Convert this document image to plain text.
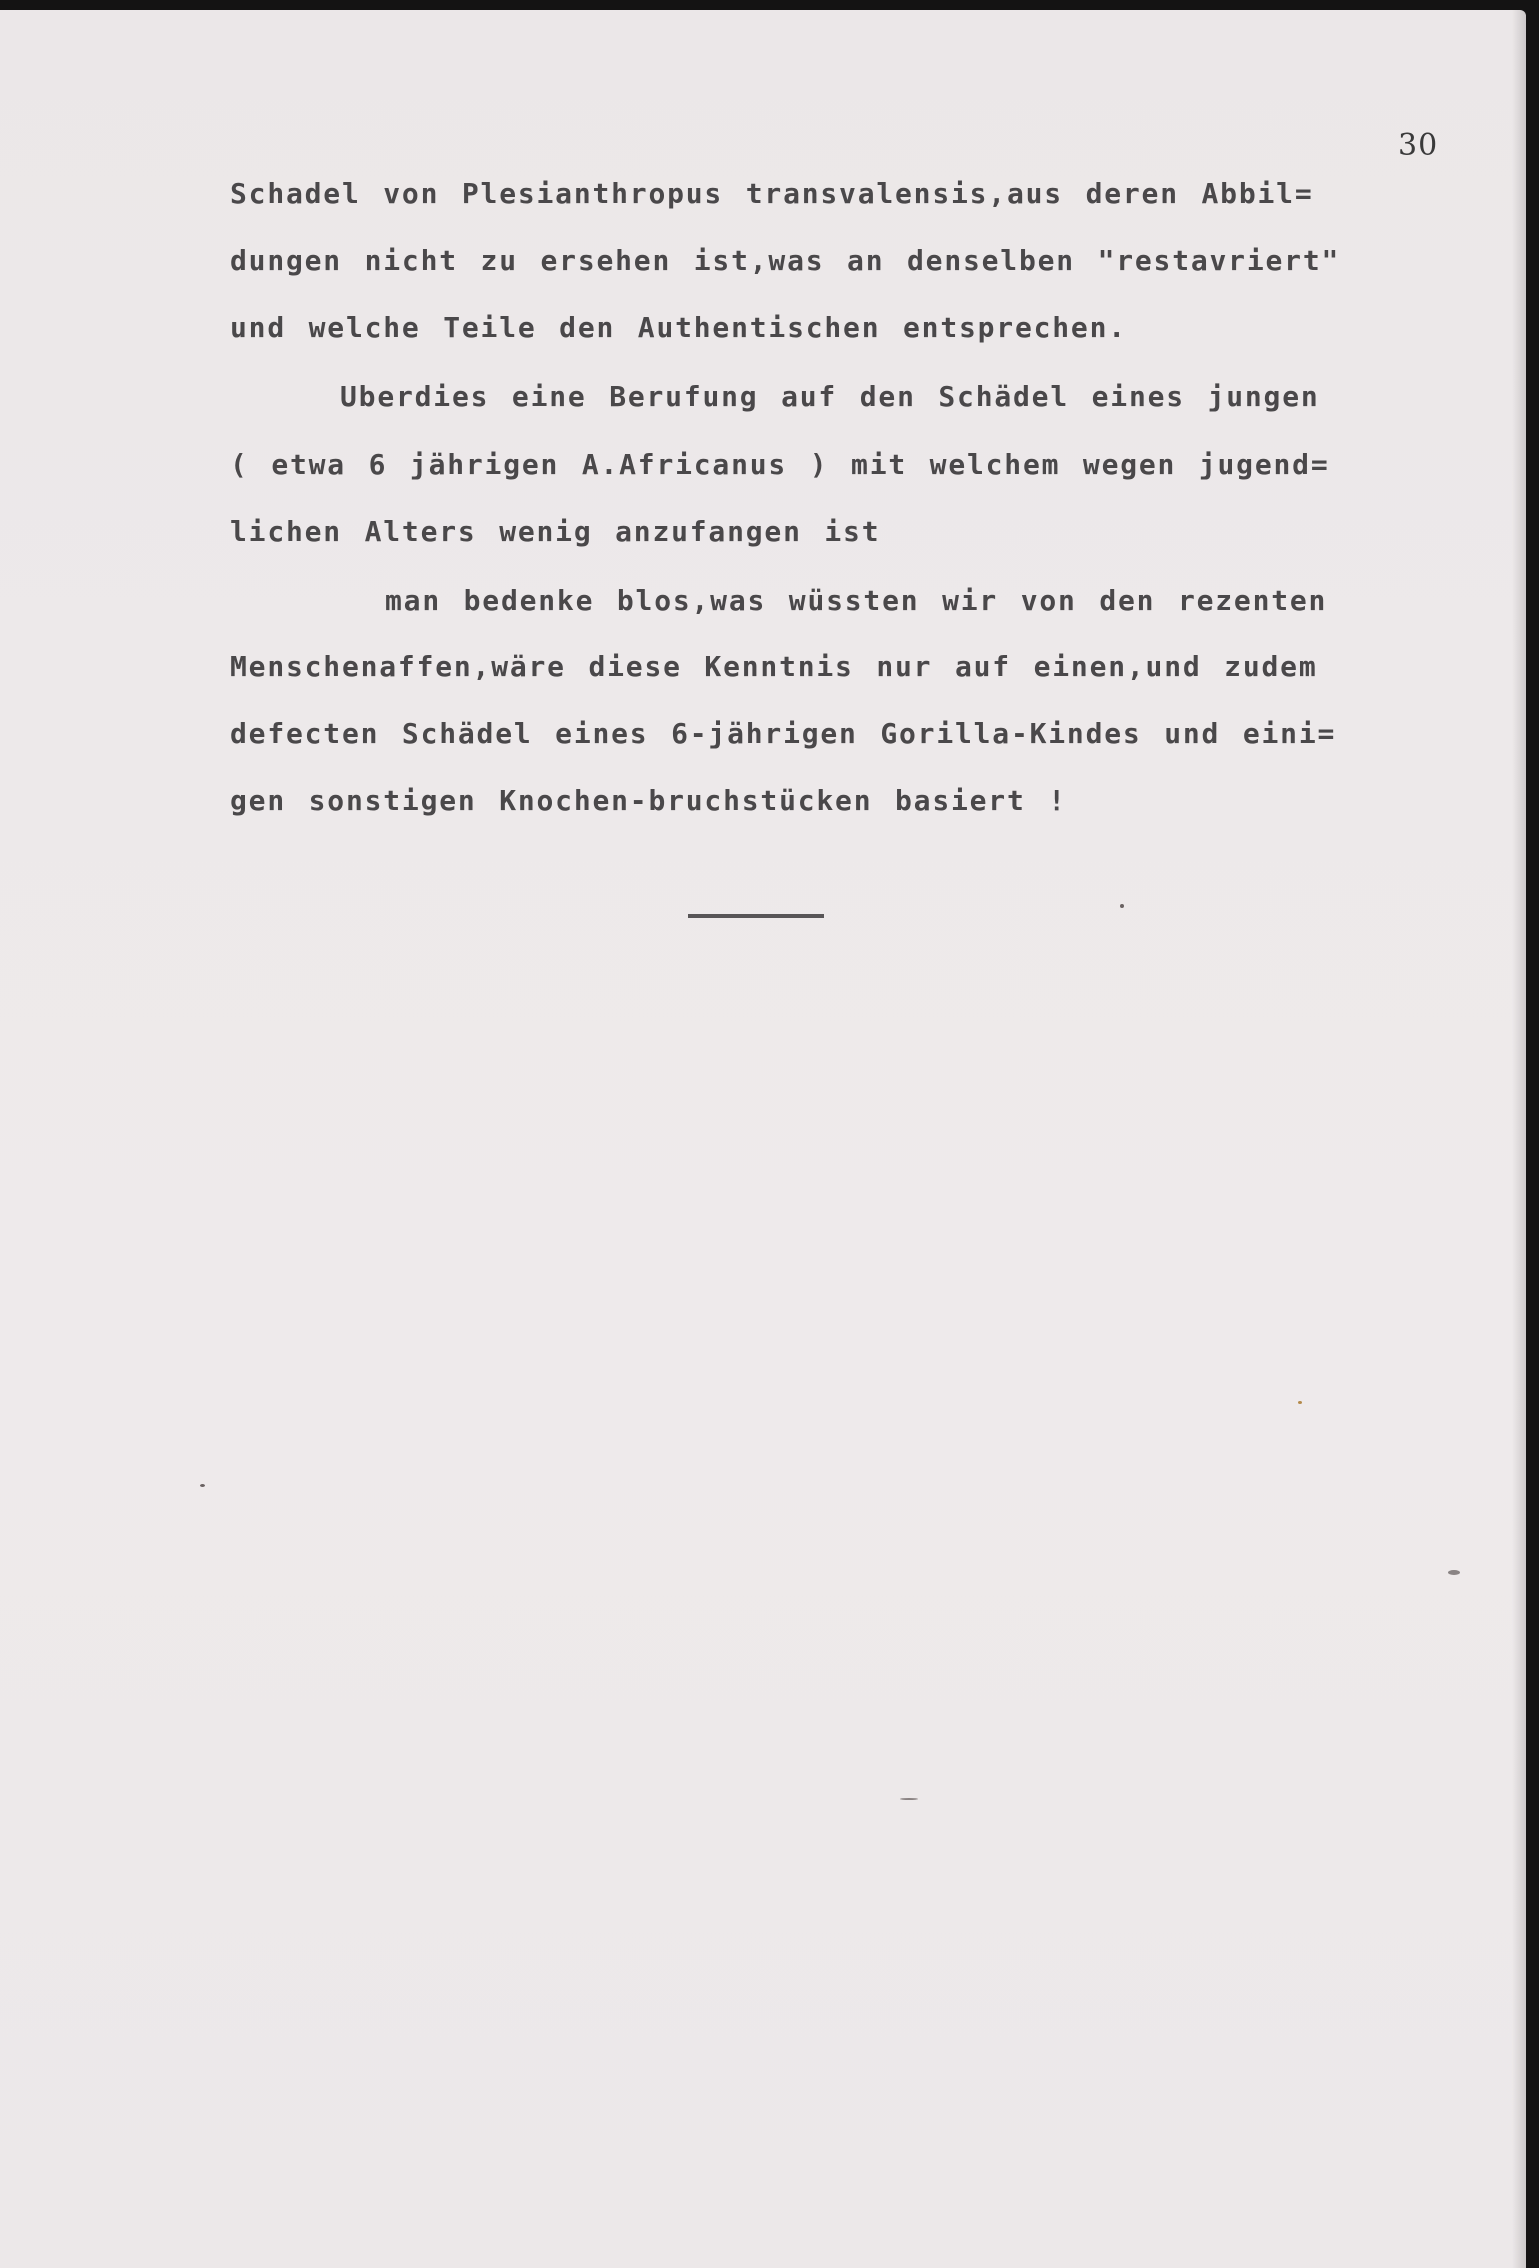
30
Schadel von Plesianthropus transvalensis,aus deren Abbil=
dungen nicht zu ersehen ist,was an denselben "restavriert"
und welche Teile den Authentischen entsprechen.
Uberdies eine Berufung auf den Schädel eines jungen
( etwa 6 jährigen A.Africanus ) mit welchem wegen jugend=
lichen Alters wenig anzufangen ist
man bedenke blos,was wüssten wir von den rezenten
Menschenaffen,wäre diese Kenntnis nur auf einen,und zudem
defecten Schädel eines 6-jährigen Gorilla-Kindes und eini=
gen sonstigen Knochen-bruchstücken basiert !
